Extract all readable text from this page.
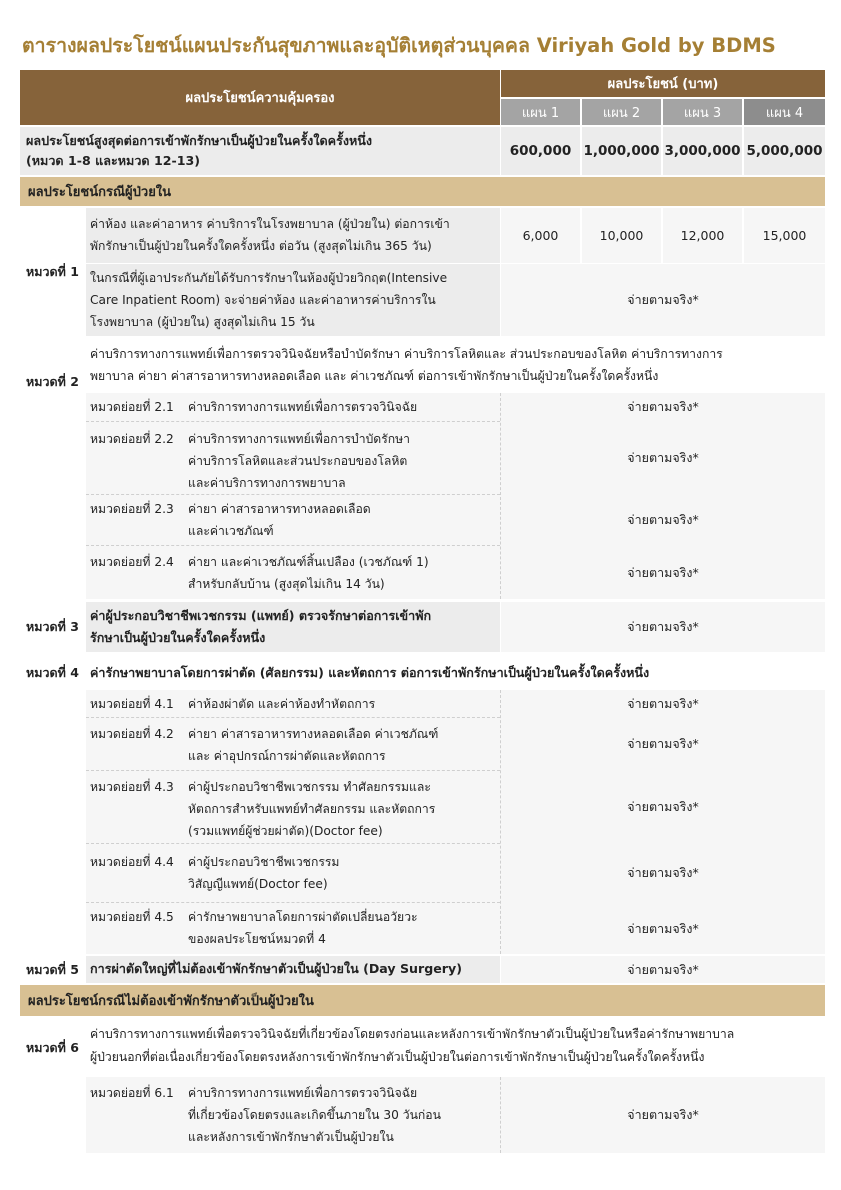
ตารางผลประโยชน์แผนประกันสุขภาพและอุบัติเหตุส่วนบุคคล Viriyah Gold by BDMS
ผลประโยชน์ความคุ้มครอง
ผลประโยชน์ (บาท)
แผน 1	แผน 2	แผน 3	แผน 4
ผลประโยชน์สูงสุดต่อการเข้าพักรักษาเป็นผู้ป่วยในครั้งใดครั้งหนึ่ง
(หมวด 1-8 และหมวด 12-13)
600,000 1,000,000 3,000,000 5,000,000
ผลประโยชน์กรณีผู้ป่วยใน
หมวดที่ 1
ค่าห้อง และค่าอาหาร ค่าบริการในโรงพยาบาล (ผู้ป่วยใน) ต่อการเข้า
พักรักษาเป็นผู้ป่วยในครั้งใดครั้งหนึ่ง ต่อวัน (สูงสุดไม่เกิน 365 วัน)
6,000	10,000	12,000	15,000
ในกรณีที่ผู้เอาประกันภัยได้รับการรักษาในห้องผู้ป่วยวิกฤต(Intensive
Care Inpatient Room) จะจ่ายค่าห้อง และค่าอาหารค่าบริการใน
โรงพยาบาล (ผู้ป่วยใน) สูงสุดไม่เกิน 15 วัน
จ่ายตามจริง*
หมวดที่ 2
ค่าบริการทางการแพทย์เพื่อการตรวจวินิจฉัยหรือบำบัดรักษา ค่าบริการโลหิตและ ส่วนประกอบของโลหิต ค่าบริการทางการ
พยาบาล ค่ายา ค่าสารอาหารทางหลอดเลือด และ ค่าเวชภัณฑ์ ต่อการเข้าพักรักษาเป็นผู้ป่วยในครั้งใดครั้งหนึ่ง
หมวดย่อยที่ 2.1 ค่าบริการทางการแพทย์เพื่อการตรวจวินิจฉัย	จ่ายตามจริง*
หมวดย่อยที่ 2.2 ค่าบริการทางการแพทย์เพื่อการบำบัดรักษา
ค่าบริการโลหิตและส่วนประกอบของโลหิต
และค่าบริการทางการพยาบาล
จ่ายตามจริง*
หมวดย่อยที่ 2.3 ค่ายา ค่าสารอาหารทางหลอดเลือด
และค่าเวชภัณฑ์
จ่ายตามจริง*
หมวดย่อยที่ 2.4 ค่ายา และค่าเวชภัณฑ์สิ้นเปลือง (เวชภัณฑ์ 1)
สำหรับกลับบ้าน (สูงสุดไม่เกิน 14 วัน)
จ่ายตามจริง*
หมวดที่ 3
ค่าผู้ประกอบวิชาชีพเวชกรรม (แพทย์) ตรวจรักษาต่อการเข้าพัก
รักษาเป็นผู้ป่วยในครั้งใดครั้งหนึ่ง
จ่ายตามจริง*
หมวดที่ 4 ค่ารักษาพยาบาลโดยการผ่าตัด (ศัลยกรรม) และหัตถการ ต่อการเข้าพักรักษาเป็นผู้ป่วยในครั้งใดครั้งหนึ่ง
หมวดย่อยที่ 4.1 ค่าห้องผ่าตัด และค่าห้องทำหัตถการ	จ่ายตามจริง*
หมวดย่อยที่ 4.2 ค่ายา ค่าสารอาหารทางหลอดเลือด ค่าเวชภัณฑ์
และ ค่าอุปกรณ์การผ่าตัดและหัตถการ
จ่ายตามจริง*
หมวดย่อยที่ 4.3 ค่าผู้ประกอบวิชาชีพเวชกรรม ทำศัลยกรรมและ
หัตถการสำหรับแพทย์ทำศัลยกรรม และหัตถการ
(รวมแพทย์ผู้ช่วยผ่าตัด)(Doctor fee)
จ่ายตามจริง*
หมวดย่อยที่ 4.4 ค่าผู้ประกอบวิชาชีพเวชกรรม
วิสัญญีแพทย์(Doctor fee)
จ่ายตามจริง*
หมวดย่อยที่ 4.5 ค่ารักษาพยาบาลโดยการผ่าตัดเปลี่ยนอวัยวะ
ของผลประโยชน์หมวดที่ 4
จ่ายตามจริง*
หมวดที่ 5 การผ่าตัดใหญ่ที่ไม่ต้องเข้าพักรักษาตัวเป็นผู้ป่วยใน (Day Surgery)	จ่ายตามจริง*
ผลประโยชน์กรณีไม่ต้องเข้าพักรักษาตัวเป็นผู้ป่วยใน
หมวดที่ 6
ค่าบริการทางการแพทย์เพื่อตรวจวินิจฉัยที่เกี่ยวข้องโดยตรงก่อนและหลังการเข้าพักรักษาตัวเป็นผู้ป่วยในหรือค่ารักษาพยาบาล
ผู้ป่วยนอกที่ต่อเนื่องเกี่ยวข้องโดยตรงหลังการเข้าพักรักษาตัวเป็นผู้ป่วยในต่อการเข้าพักรักษาเป็นผู้ป่วยในครั้งใดครั้งหนึ่ง
หมวดย่อยที่ 6.1 ค่าบริการทางการแพทย์เพื่อการตรวจวินิจฉัย
ที่เกี่ยวข้องโดยตรงและเกิดขึ้นภายใน 30 วันก่อน
และหลังการเข้าพักรักษาตัวเป็นผู้ป่วยใน
จ่ายตามจริง*
